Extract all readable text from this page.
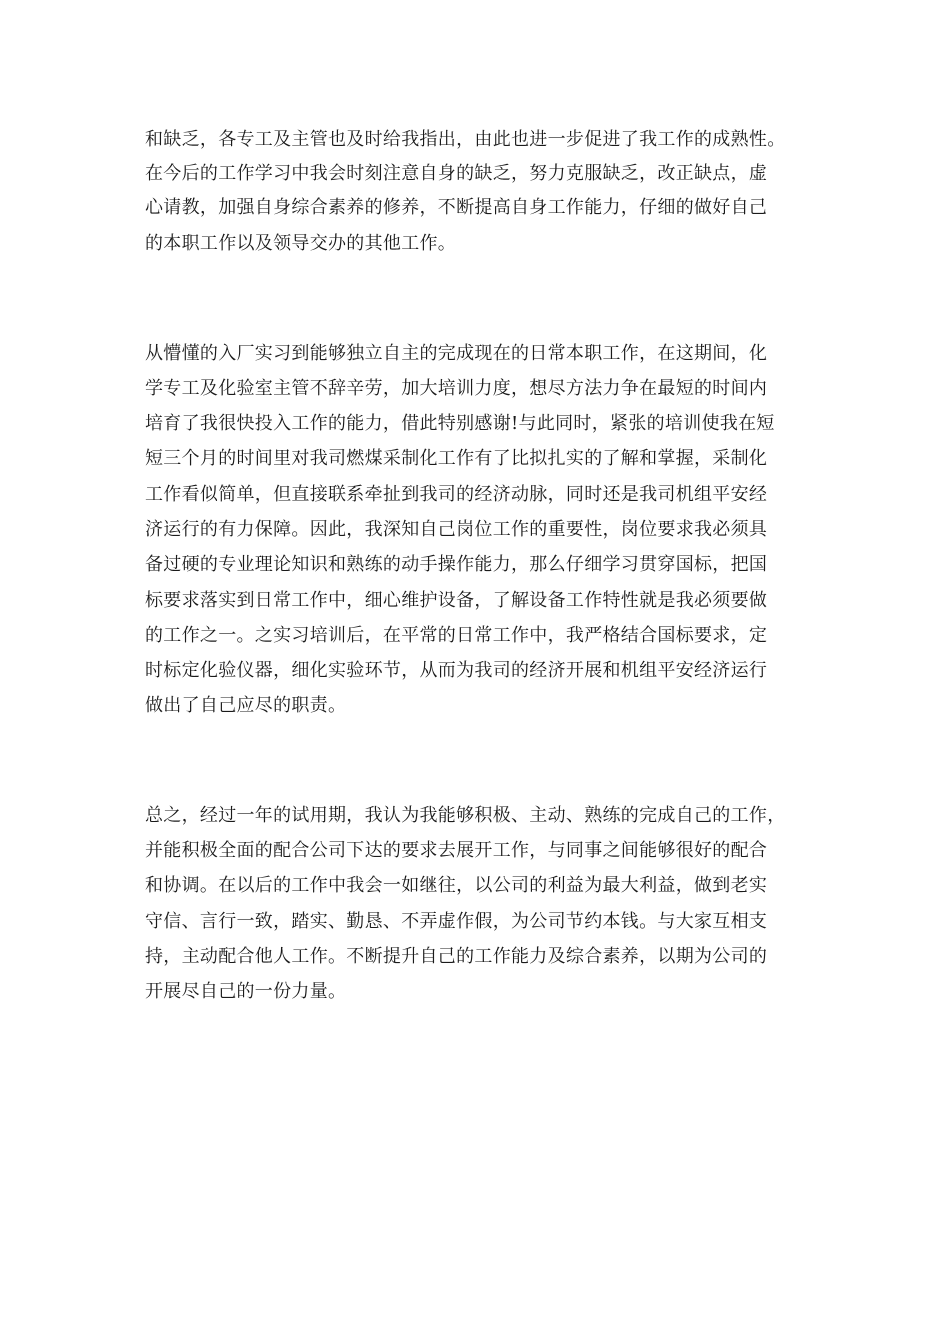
和缺乏，各专工及主管也及时给我指出，由此也进一步促进了我工作的成熟性。
在今后的工作学习中我会时刻注意自身的缺乏，努力克服缺乏，改正缺点，虚
心请教，加强自身综合素养的修养，不断提高自身工作能力，仔细的做好自己
的本职工作以及领导交办的其他工作。
从懵懂的入厂实习到能够独立自主的完成现在的日常本职工作，在这期间，化
学专工及化验室主管不辞辛劳，加大培训力度，想尽方法力争在最短的时间内
培育了我很快投入工作的能力，借此特别感谢!与此同时，紧张的培训使我在短
短三个月的时间里对我司燃煤采制化工作有了比拟扎实的了解和掌握，采制化
工作看似简单，但直接联系牵扯到我司的经济动脉，同时还是我司机组平安经
济运行的有力保障。因此，我深知自己岗位工作的重要性，岗位要求我必须具
备过硬的专业理论知识和熟练的动手操作能力，那么仔细学习贯穿国标，把国
标要求落实到日常工作中，细心维护设备，了解设备工作特性就是我必须要做
的工作之一。之实习培训后，在平常的日常工作中，我严格结合国标要求，定
时标定化验仪器，细化实验环节，从而为我司的经济开展和机组平安经济运行
做出了自己应尽的职责。
总之，经过一年的试用期，我认为我能够积极、主动、熟练的完成自己的工作，
并能积极全面的配合公司下达的要求去展开工作，与同事之间能够很好的配合
和协调。在以后的工作中我会一如继往，以公司的利益为最大利益，做到老实
守信、言行一致，踏实、勤恳、不弄虚作假，为公司节约本钱。与大家互相支
持，主动配合他人工作。不断提升自己的工作能力及综合素养，以期为公司的
开展尽自己的一份力量。
